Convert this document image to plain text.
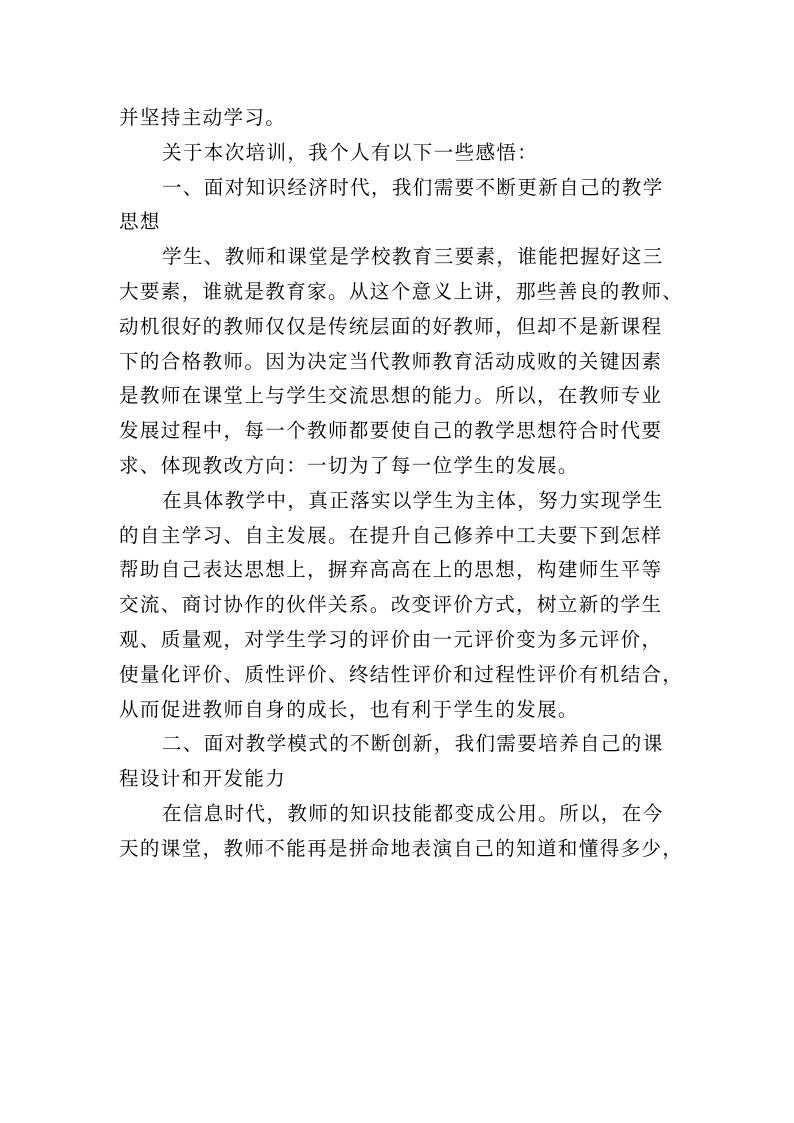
并坚持主动学习。
关于本次培训，我个人有以下一些感悟：
一、面对知识经济时代，我们需要不断更新自己的教学
思想
学生、教师和课堂是学校教育三要素，谁能把握好这三
大要素，谁就是教育家。从这个意义上讲，那些善良的教师、
动机很好的教师仅仅是传统层面的好教师，但却不是新课程
下的合格教师。因为决定当代教师教育活动成败的关键因素
是教师在课堂上与学生交流思想的能力。所以，在教师专业
发展过程中，每一个教师都要使自己的教学思想符合时代要
求、体现教改方向：一切为了每一位学生的发展。
在具体教学中，真正落实以学生为主体，努力实现学生
的自主学习、自主发展。在提升自己修养中工夫要下到怎样
帮助自己表达思想上，摒弃高高在上的思想，构建师生平等
交流、商讨协作的伙伴关系。改变评价方式，树立新的学生
观、质量观，对学生学习的评价由一元评价变为多元评价，
使量化评价、质性评价、终结性评价和过程性评价有机结合，
从而促进教师自身的成长，也有利于学生的发展。
二、面对教学模式的不断创新，我们需要培养自己的课
程设计和开发能力
在信息时代，教师的知识技能都变成公用。所以，在今
天的课堂，教师不能再是拼命地表演自己的知道和懂得多少，
